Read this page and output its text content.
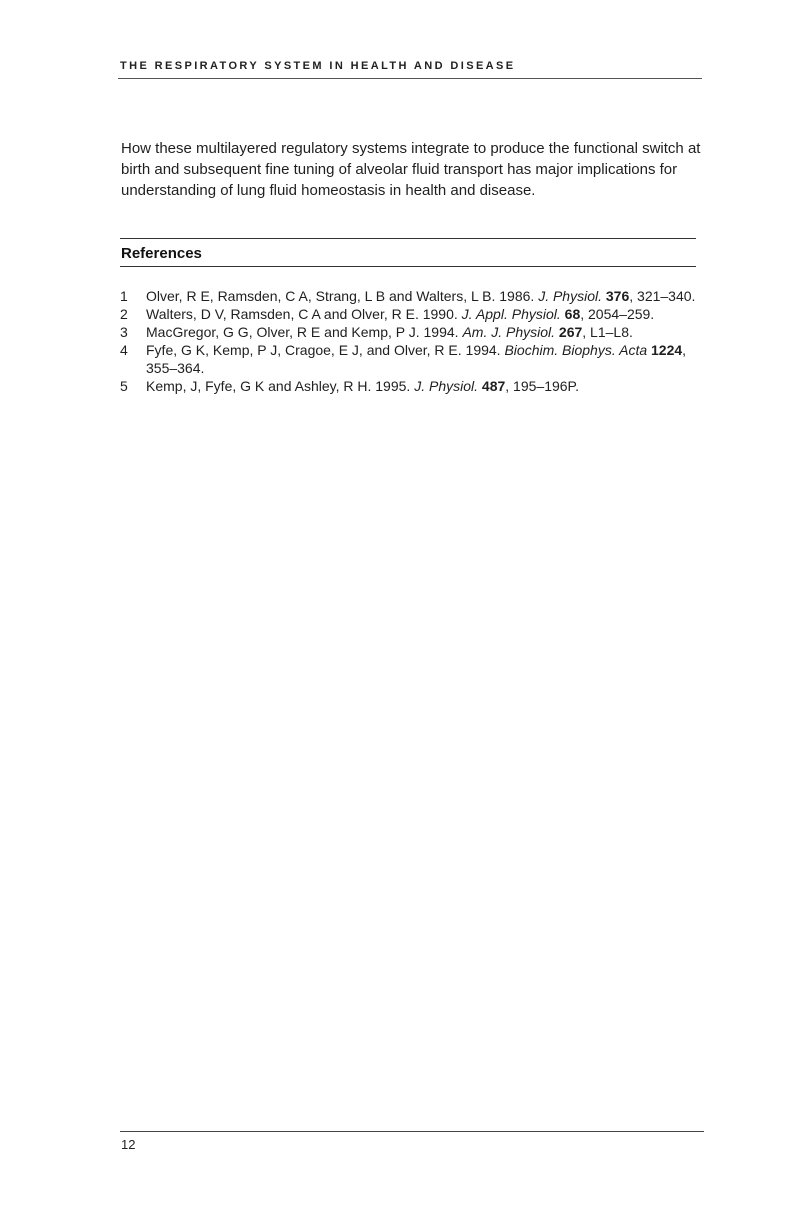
THE RESPIRATORY SYSTEM IN HEALTH AND DISEASE

How these multilayered regulatory systems integrate to produce the functional switch at birth and subsequent fine tuning of alveolar fluid transport has major implications for understanding of lung fluid homeostasis in health and disease.

References
1	Olver, R E, Ramsden, C A, Strang, L B and Walters, L B. 1986. J. Physiol. 376, 321–340.
2	Walters, D V, Ramsden, C A and Olver, R E. 1990. J. Appl. Physiol. 68, 2054–259.
3	MacGregor, G G, Olver, R E and Kemp, P J. 1994. Am. J. Physiol. 267, L1–L8.
4	Fyfe, G K, Kemp, P J, Cragoe, E J, and Olver, R E. 1994. Biochim. Biophys. Acta 1224, 355–364.
5	Kemp, J, Fyfe, G K and Ashley, R H. 1995. J. Physiol. 487, 195–196P.
12
